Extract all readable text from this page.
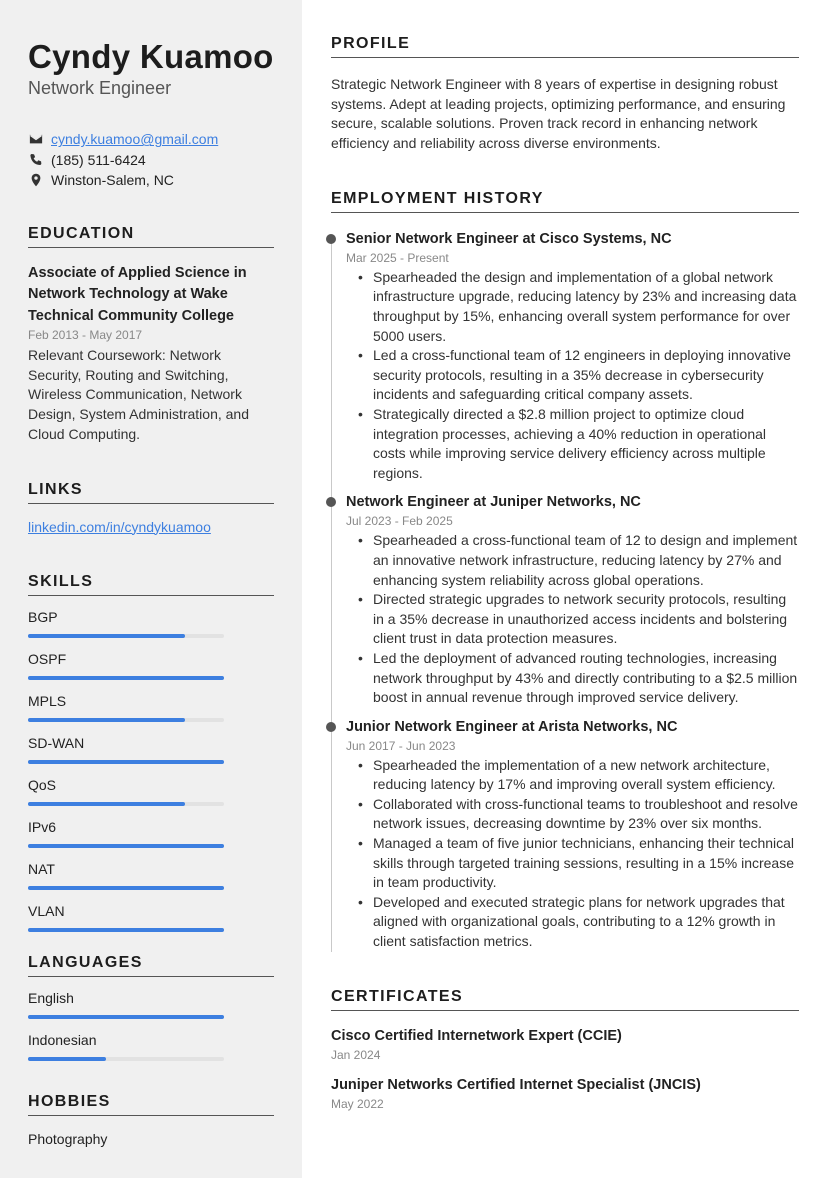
Cyndy Kuamoo
Network Engineer
cyndy.kuamoo@gmail.com
(185) 511-6424
Winston-Salem, NC
EDUCATION
Associate of Applied Science in Network Technology at Wake Technical Community College
Feb 2013 - May 2017
Relevant Coursework: Network Security, Routing and Switching, Wireless Communication, Network Design, System Administration, and Cloud Computing.
LINKS
linkedin.com/in/cyndykuamoo
SKILLS
BGP
OSPF
MPLS
SD-WAN
QoS
IPv6
NAT
VLAN
LANGUAGES
English
Indonesian
HOBBIES
Photography
PROFILE
Strategic Network Engineer with 8 years of expertise in designing robust systems. Adept at leading projects, optimizing performance, and ensuring secure, scalable solutions. Proven track record in enhancing network efficiency and reliability across diverse environments.
EMPLOYMENT HISTORY
Senior Network Engineer at Cisco Systems, NC
Mar 2025 - Present
• Spearheaded the design and implementation of a global network infrastructure upgrade, reducing latency by 23% and increasing data throughput by 15%, enhancing overall system performance for over 5000 users.
• Led a cross-functional team of 12 engineers in deploying innovative security protocols, resulting in a 35% decrease in cybersecurity incidents and safeguarding critical company assets.
• Strategically directed a $2.8 million project to optimize cloud integration processes, achieving a 40% reduction in operational costs while improving service delivery efficiency across multiple regions.
Network Engineer at Juniper Networks, NC
Jul 2023 - Feb 2025
• Spearheaded a cross-functional team of 12 to design and implement an innovative network infrastructure, reducing latency by 27% and enhancing system reliability across global operations.
• Directed strategic upgrades to network security protocols, resulting in a 35% decrease in unauthorized access incidents and bolstering client trust in data protection measures.
• Led the deployment of advanced routing technologies, increasing network throughput by 43% and directly contributing to a $2.5 million boost in annual revenue through improved service delivery.
Junior Network Engineer at Arista Networks, NC
Jun 2017 - Jun 2023
• Spearheaded the implementation of a new network architecture, reducing latency by 17% and improving overall system efficiency.
• Collaborated with cross-functional teams to troubleshoot and resolve network issues, decreasing downtime by 23% over six months.
• Managed a team of five junior technicians, enhancing their technical skills through targeted training sessions, resulting in a 15% increase in team productivity.
• Developed and executed strategic plans for network upgrades that aligned with organizational goals, contributing to a 12% growth in client satisfaction metrics.
CERTIFICATES
Cisco Certified Internetwork Expert (CCIE)
Jan 2024
Juniper Networks Certified Internet Specialist (JNCIS)
May 2022
